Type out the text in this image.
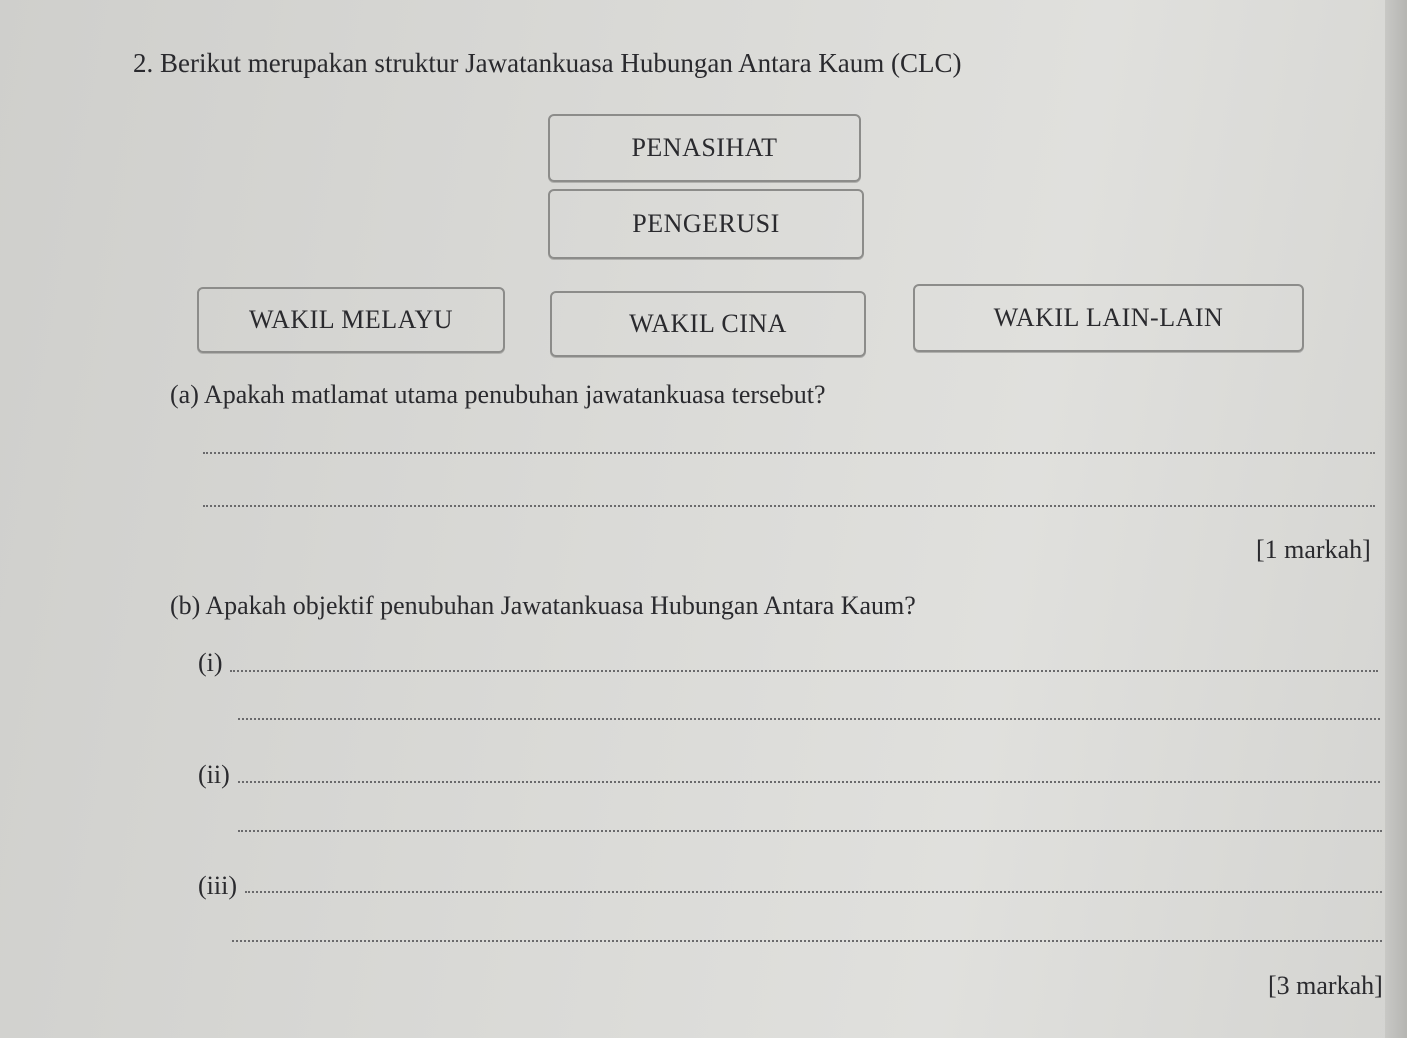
2. Berikut merupakan struktur Jawatankuasa Hubungan Antara Kaum (CLC)
PENASIHAT
PENGERUSI
WAKIL MELAYU	WAKIL CINA	WAKIL LAIN-LAIN
(a) Apakah matlamat utama penubuhan jawatankuasa tersebut?
[1 markah]
(b) Apakah objektif penubuhan Jawatankuasa Hubungan Antara Kaum?
(i)
(ii)
(iii)
[3 markah]
